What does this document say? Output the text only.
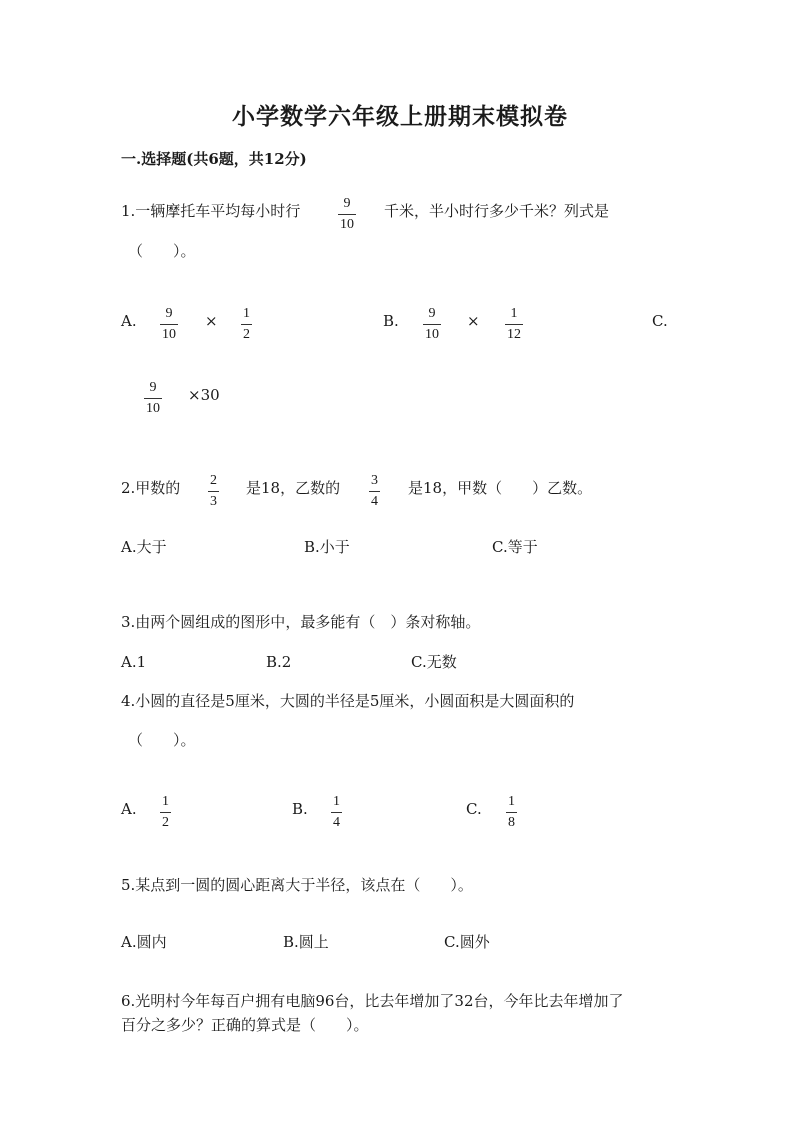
小学数学六年级上册期末模拟卷
一.选择题(共6题，共12分)
1.一辆摩托车平均每小时行	9
10
千米，半小时行多少千米？列式是
（　　）。
A. 9
10
× 1
2
B. 9
10
× 1
12
C.
9
10
×30
2.甲数的 2
3
是18，乙数的 3
4
是18，甲数（　　）乙数。
A.大于	B.小于	C.等于
3.由两个圆组成的图形中，最多能有（　）条对称轴。
A.1	B.2	C.无数
4.小圆的直径是5厘米，大圆的半径是5厘米，小圆面积是大圆面积的
（　　）。
A. 1
2
B. 1
4
C. 1
8
5.某点到一圆的圆心距离大于半径，该点在（　　）。
A.圆内	B.圆上	C.圆外
6.光明村今年每百户拥有电脑96台，比去年增加了32台，今年比去年增加了
百分之多少？正确的算式是（　　）。
